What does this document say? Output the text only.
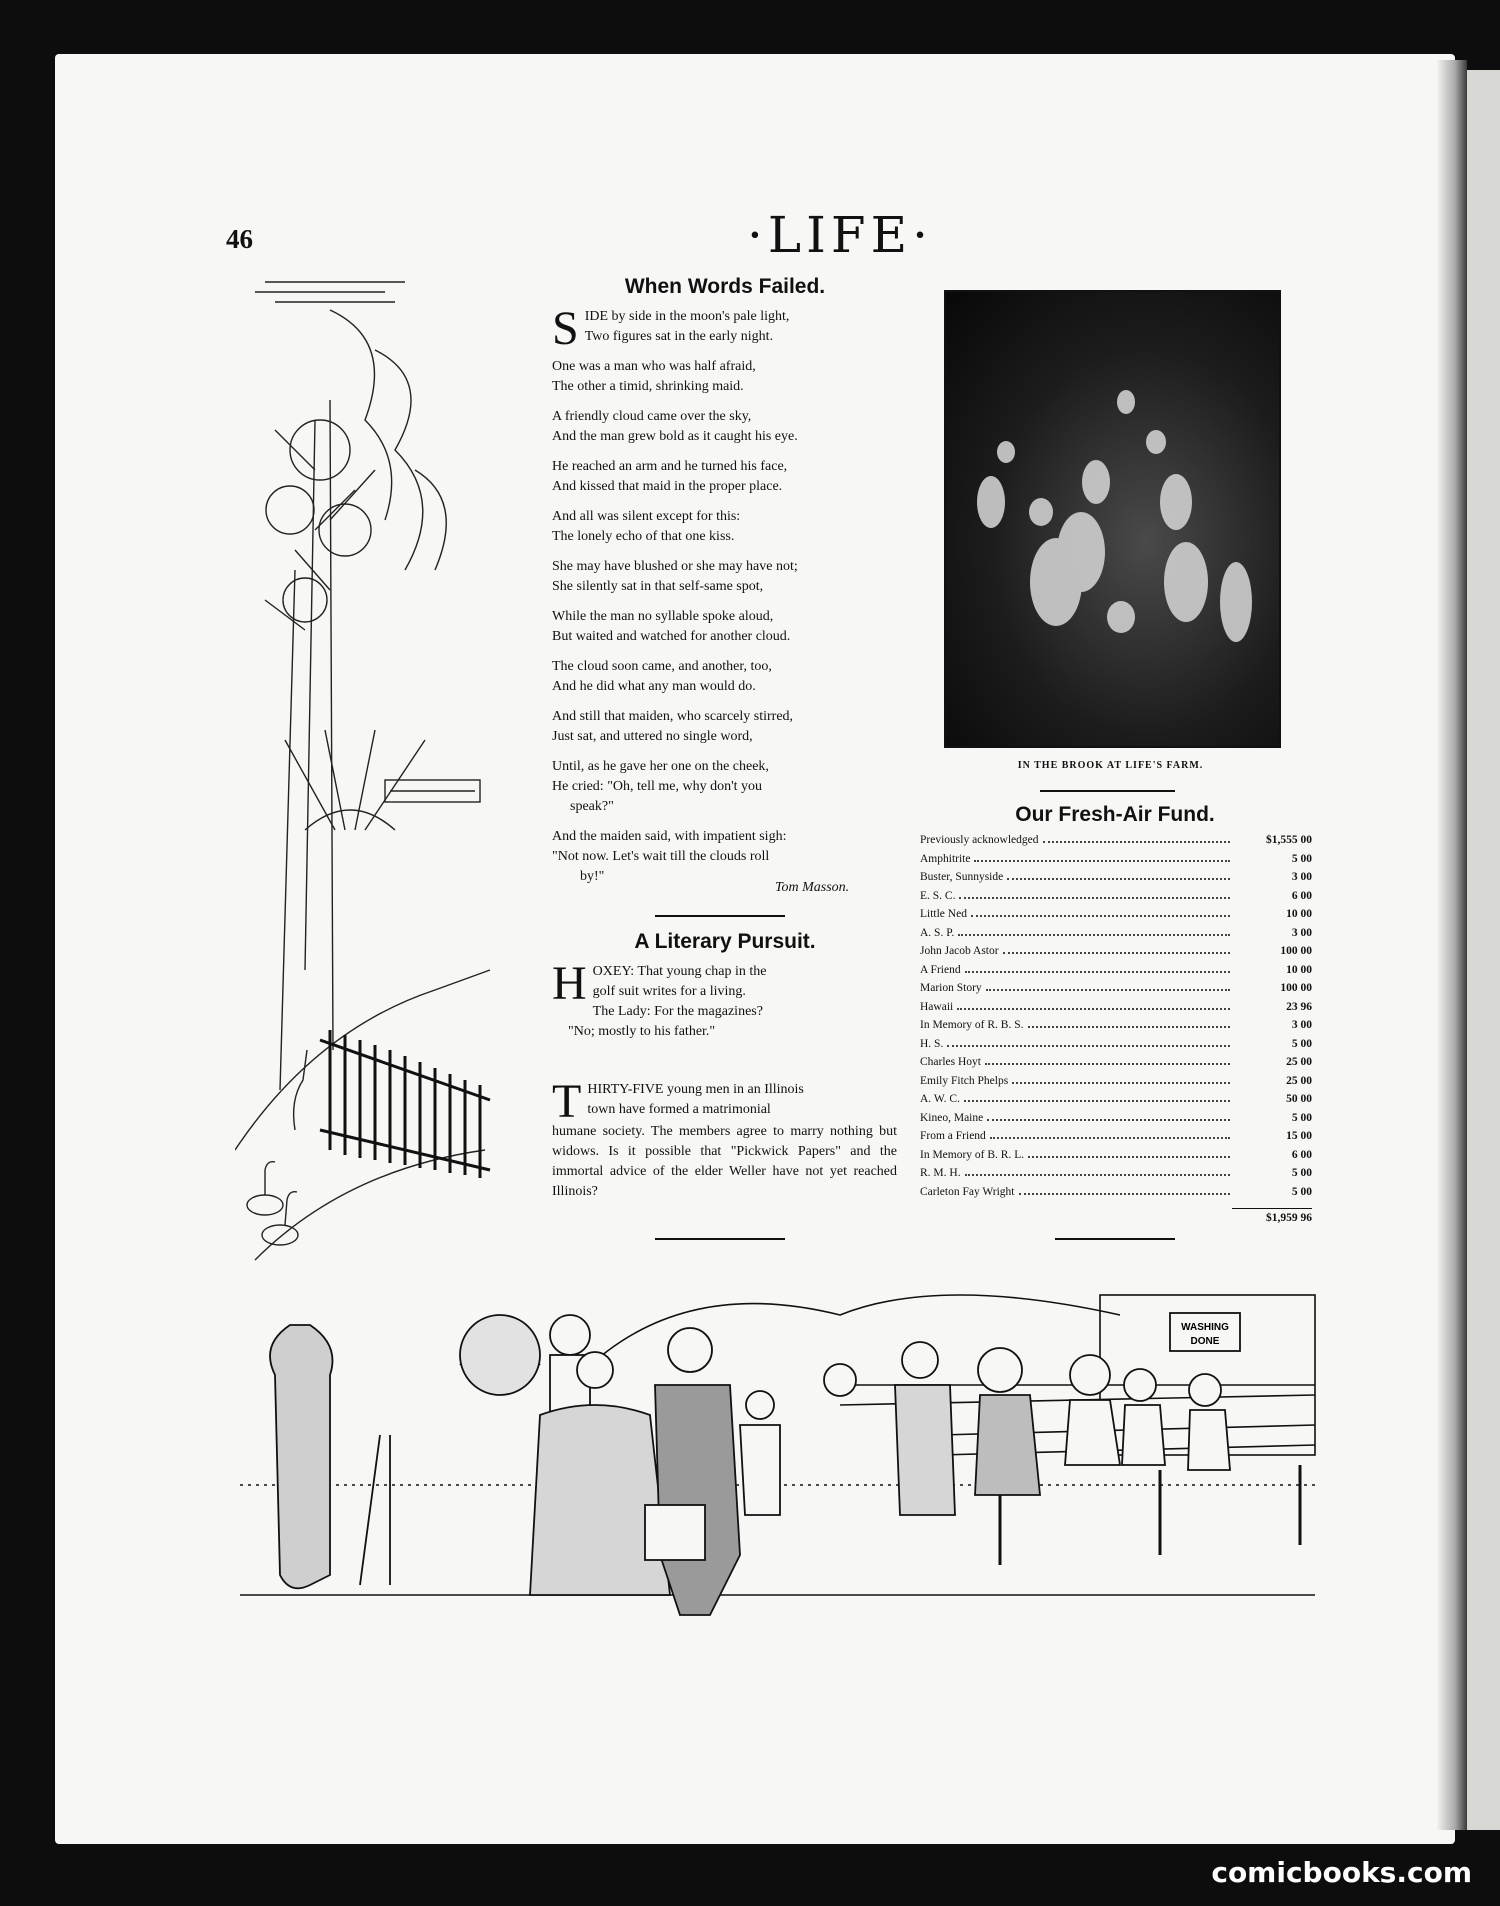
46	·LIFE·
When Words Failed.
S IDE by side in the moon's pale light,
Two figures sat in the early night.
One was a man who was half afraid,
The other a timid, shrinking maid.
A friendly cloud came over the sky,
And the man grew bold as it caught his eye.
He reached an arm and he turned his face,
And kissed that maid in the proper place.
And all was silent except for this:
The lonely echo of that one kiss.
She may have blushed or she may have not;
She silently sat in that self-same spot,
While the man no syllable spoke aloud,
But waited and watched for another cloud.
The cloud soon came, and another, too,
And he did what any man would do.
And still that maiden, who scarcely stirred,
Just sat, and uttered no single word,
Until, as he gave her one on the cheek,
He cried: "Oh, tell me, why don't you
speak?"
And the maiden said, with impatient sigh:
"Not now. Let's wait till the clouds roll
by!"
Tom Masson.
A Literary Pursuit.
H OXEY: That young chap in the
golf suit writes for a living.
The Lady: For the magazines?
"No; mostly to his father."
T HIRTY-FIVE young men in an Illinois
town have formed a matrimonial
humane society. The members agree to marry nothing but widows. Is it possible that "Pickwick Papers" and the immortal advice of the elder Weller have not yet reached Illinois?
IN THE BROOK AT LIFE'S FARM.
Our Fresh-Air Fund.
Previously acknowledged	$1,555 00
Amphitrite	5 00
Buster, Sunnyside	3 00
E. S. C.	6 00
Little Ned	10 00
A. S. P.	3 00
John Jacob Astor	100 00
A Friend	10 00
Marion Story	100 00
Hawaii	23 96
In Memory of R. B. S.	3 00
H. S.	5 00
Charles Hoyt	25 00
Emily Fitch Phelps	25 00
A. W. C.	50 00
Kineo, Maine	5 00
From a Friend	15 00
In Memory of B. R. L.	6 00
R. M. H.	5 00
Carleton Fay Wright	5 00
$1,959 96
WASHING
DONE
comicbooks.com
